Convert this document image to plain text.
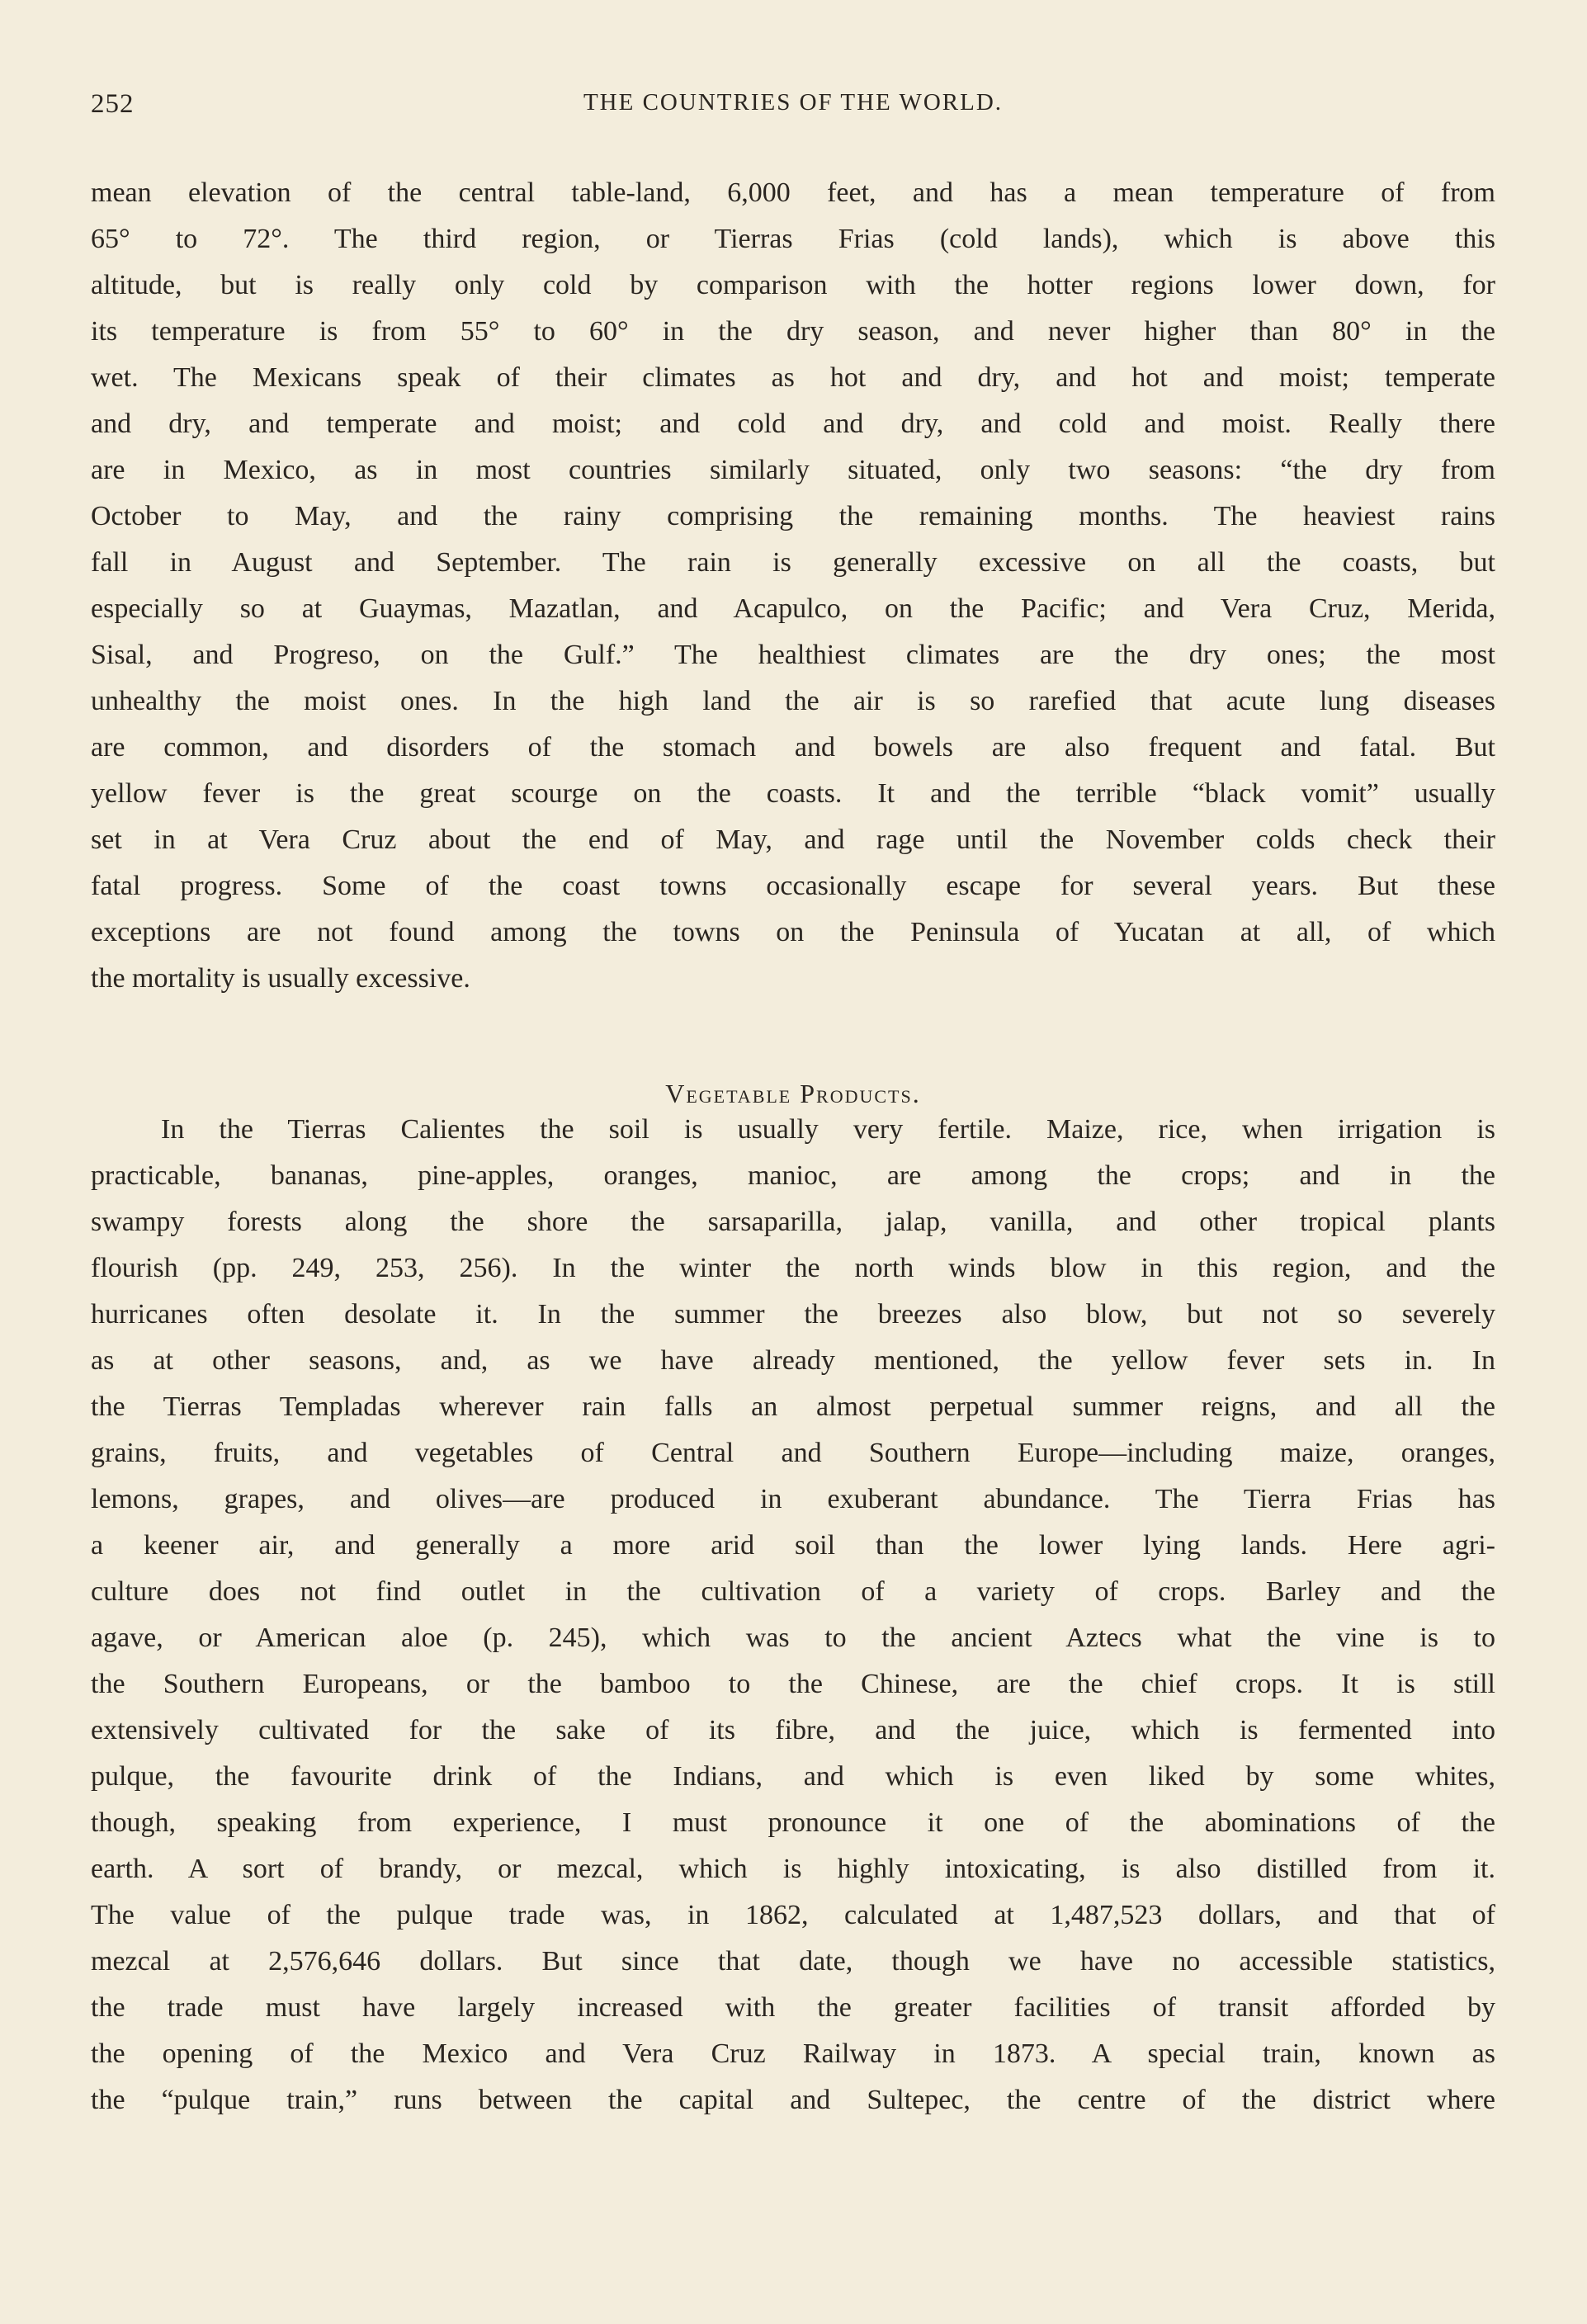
252	THE COUNTRIES OF THE WORLD.
mean elevation of the central table-land, 6,000 feet, and has a mean temperature of from
65° to 72°. The third region, or Tierras Frias (cold lands), which is above this
altitude, but is really only cold by comparison with the hotter regions lower down, for
its temperature is from 55° to 60° in the dry season, and never higher than 80° in the
wet. The Mexicans speak of their climates as hot and dry, and hot and moist; temperate
and dry, and temperate and moist; and cold and dry, and cold and moist. Really there
are in Mexico, as in most countries similarly situated, only two seasons: “the dry from
October to May, and the rainy comprising the remaining months. The heaviest rains
fall in August and September. The rain is generally excessive on all the coasts, but
especially so at Guaymas, Mazatlan, and Acapulco, on the Pacific; and Vera Cruz, Merida,
Sisal, and Progreso, on the Gulf.” The healthiest climates are the dry ones; the most
unhealthy the moist ones. In the high land the air is so rarefied that acute lung diseases
are common, and disorders of the stomach and bowels are also frequent and fatal. But
yellow fever is the great scourge on the coasts. It and the terrible “black vomit” usually
set in at Vera Cruz about the end of May, and rage until the November colds check their
fatal progress. Some of the coast towns occasionally escape for several years. But these
exceptions are not found among the towns on the Peninsula of Yucatan at all, of which
the mortality is usually excessive.
Vegetable Products.
In the Tierras Calientes the soil is usually very fertile. Maize, rice, when irrigation is
practicable, bananas, pine-apples, oranges, manioc, are among the crops; and in the
swampy forests along the shore the sarsaparilla, jalap, vanilla, and other tropical plants
flourish (pp. 249, 253, 256). In the winter the north winds blow in this region, and the
hurricanes often desolate it. In the summer the breezes also blow, but not so severely
as at other seasons, and, as we have already mentioned, the yellow fever sets in. In
the Tierras Templadas wherever rain falls an almost perpetual summer reigns, and all the
grains, fruits, and vegetables of Central and Southern Europe—including maize, oranges,
lemons, grapes, and olives—are produced in exuberant abundance. The Tierra Frias has
a keener air, and generally a more arid soil than the lower lying lands. Here agri-
culture does not find outlet in the cultivation of a variety of crops. Barley and the
agave, or American aloe (p. 245), which was to the ancient Aztecs what the vine is to
the Southern Europeans, or the bamboo to the Chinese, are the chief crops. It is still
extensively cultivated for the sake of its fibre, and the juice, which is fermented into
pulque, the favourite drink of the Indians, and which is even liked by some whites,
though, speaking from experience, I must pronounce it one of the abominations of the
earth. A sort of brandy, or mezcal, which is highly intoxicating, is also distilled from it.
The value of the pulque trade was, in 1862, calculated at 1,487,523 dollars, and that of
mezcal at 2,576,646 dollars. But since that date, though we have no accessible statistics,
the trade must have largely increased with the greater facilities of transit afforded by
the opening of the Mexico and Vera Cruz Railway in 1873. A special train, known as
the “pulque train,” runs between the capital and Sultepec, the centre of the district where
